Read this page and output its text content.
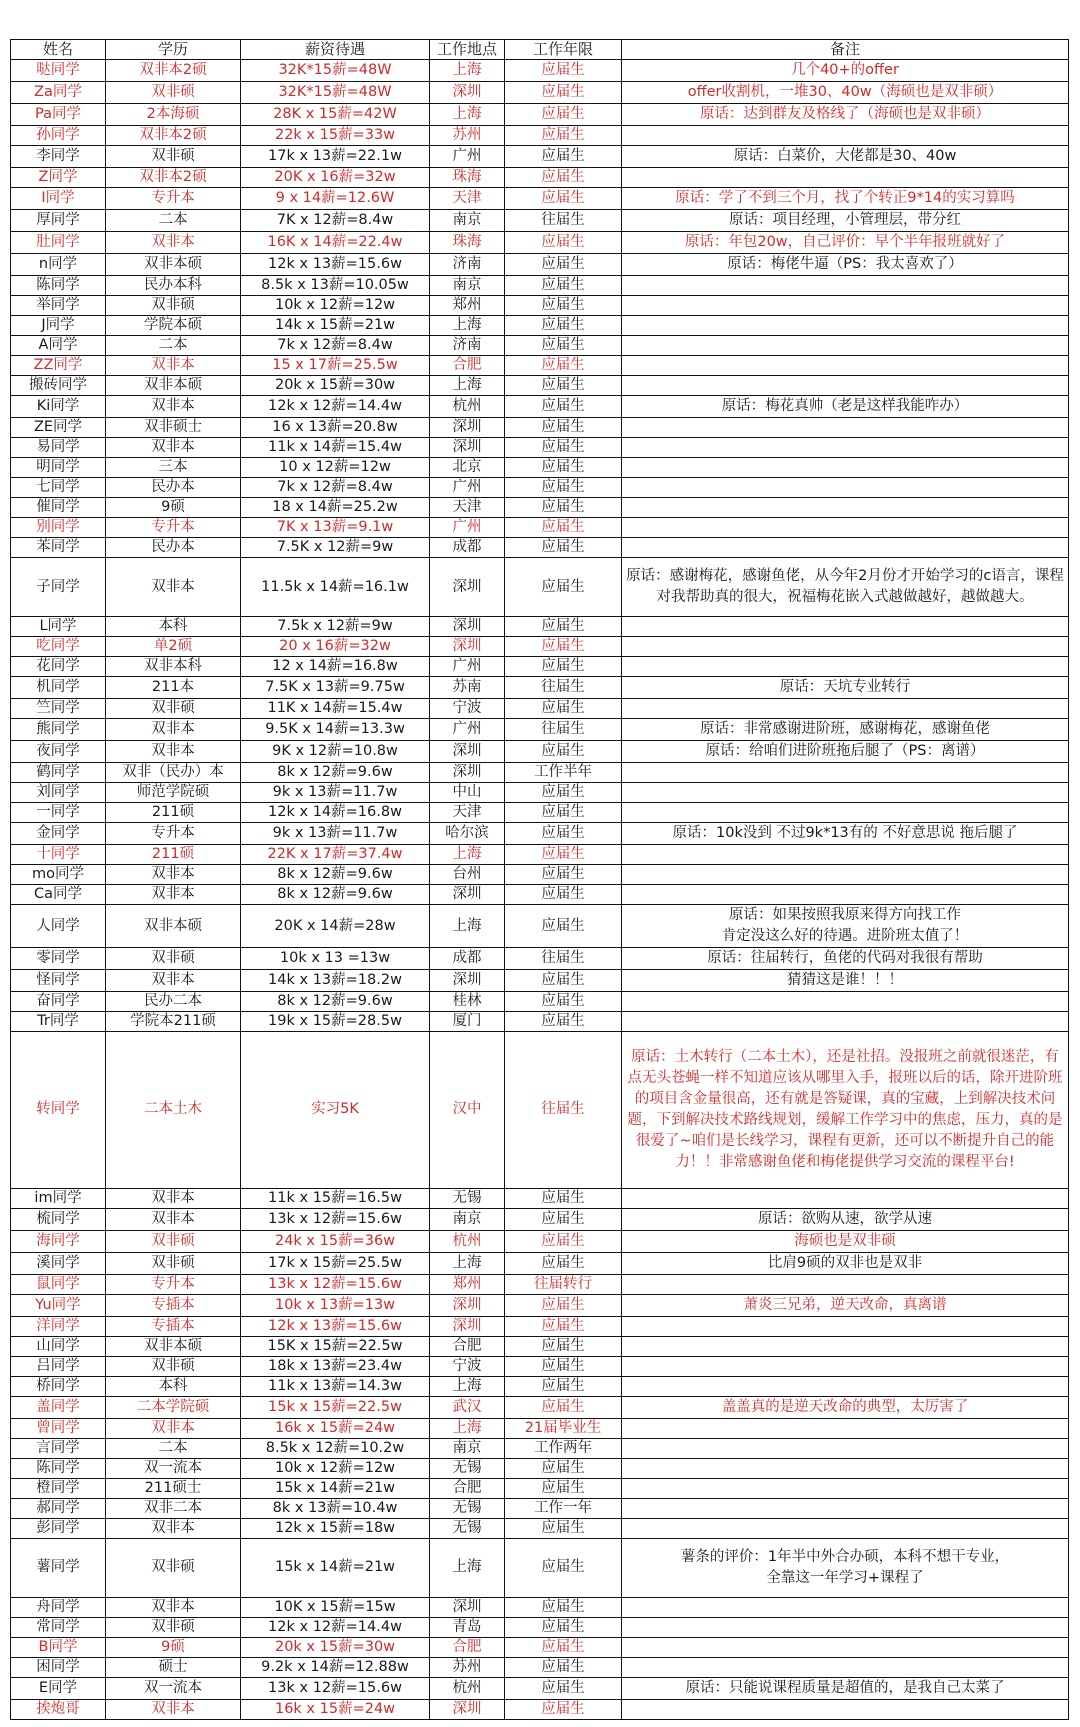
姓名	学历	薪资待遇	工作地点	工作年限	备注
哒同学	双非本2硕	32K*15薪=48W	上海	应届生	几个40+的offer
Za同学	双非硕	32K*15薪=48W	深圳	应届生	offer收割机，一堆30、40w（海硕也是双非硕）
Pa同学	2本海硕	28K x 15薪=42W	上海	应届生	原话：达到群友及格线了（海硕也是双非硕）
孙同学	双非本2硕	22k x 15薪=33w	苏州	应届生	
李同学	双非硕	17k x 13薪=22.1w	广州	应届生	原话：白菜价，大佬都是30、40w
Z同学	双非本2硕	20K x 16薪=32w	珠海	应届生	
I同学	专升本	9 x 14薪=12.6W	天津	应届生	原话：学了不到三个月，找了个转正9*14的实习算吗
厚同学	二本	7K x 12薪=8.4w	南京	往届生	原话：项目经理，小管理层，带分红
肚同学	双非本	16K x 14薪=22.4w	珠海	应届生	原话：年包20w，自己评价：早个半年报班就好了
n同学	双非本硕	12k x 13薪=15.6w	济南	应届生	原话：梅佬牛逼（PS：我太喜欢了）
陈同学	民办本科	8.5k x 13薪=10.05w	南京	应届生	
举同学	双非硕	10k x 12薪=12w	郑州	应届生	
J同学	学院本硕	14k x 15薪=21w	上海	应届生	
A同学	二本	7k x 12薪=8.4w	济南	应届生	
ZZ同学	双非本	15 x 17薪=25.5w	合肥	应届生	
搬砖同学	双非本硕	20k x 15薪=30w	上海	应届生	
Ki同学	双非本	12k x 12薪=14.4w	杭州	应届生	原话：梅花真帅（老是这样我能咋办）
ZE同学	双非硕士	16 x 13薪=20.8w	深圳	应届生	
易同学	双非本	11k x 14薪=15.4w	深圳	应届生	
明同学	三本	10 x 12薪=12w	北京	应届生	
七同学	民办本	7k x 12薪=8.4w	广州	应届生	
催同学	9硕	18 x 14薪=25.2w	天津	应届生	
别同学	专升本	7K x 13薪=9.1w	广州	应届生	
苯同学	民办本	7.5K x 12薪=9w	成都	应届生	
子同学	双非本	11.5k x 14薪=16.1w	深圳	应届生	原话：感谢梅花，感谢鱼佬，从今年2月份才开始学习的c语言，课程对我帮助真的很大，祝福梅花嵌入式越做越好，越做越大。
L同学	本科	7.5k x 12薪=9w	深圳	应届生	
吃同学	单2硕	20 x 16薪=32w	深圳	应届生	
花同学	双非本科	12 x 14薪=16.8w	广州	应届生	
机同学	211本	7.5K x 13薪=9.75w	苏南	往届生	原话：天坑专业转行
竺同学	双非硕	11K x 14薪=15.4w	宁波	应届生	
熊同学	双非本	9.5K x 14薪=13.3w	广州	往届生	原话：非常感谢进阶班，感谢梅花，感谢鱼佬
夜同学	双非本	9K x 12薪=10.8w	深圳	应届生	原话：给咱们进阶班拖后腿了（PS：离谱）
鹤同学	双非（民办）本	8k x 12薪=9.6w	深圳	工作半年	
刘同学	师范学院硕	9k x 13薪=11.7w	中山	应届生	
一同学	211硕	12k x 14薪=16.8w	天津	应届生	
金同学	专升本	9k x 13薪=11.7w	哈尔滨	应届生	原话：10k没到 不过9k*13有的 不好意思说 拖后腿了
十同学	211硕	22K x 17薪=37.4w	上海	应届生	
mo同学	双非本	8k x 12薪=9.6w	台州	应届生	
Ca同学	双非本	8k x 12薪=9.6w	深圳	应届生	
人同学	双非本硕	20K x 14薪=28w	上海	应届生	原话：如果按照我原来得方向找工作
肯定没这么好的待遇。进阶班太值了！
零同学	双非硕	10k x 13 =13w	成都	往届生	原话：往届转行，鱼佬的代码对我很有帮助
怪同学	双非本	14k x 13薪=18.2w	深圳	应届生	猜猜这是谁！！！
奋同学	民办二本	8k x 12薪=9.6w	桂林	应届生	
Tr同学	学院本211硕	19k x 15薪=28.5w	厦门	应届生	
转同学	二本土木	实习5K	汉中	往届生	原话：土木转行（二本土木），还是社招。没报班之前就很迷茫，有点无头苍蝇一样不知道应该从哪里入手，报班以后的话，除开进阶班的项目含金量很高，还有就是答疑课，真的宝藏，上到解决技术问题，下到解决技术路线规划，缓解工作学习中的焦虑，压力，真的是很爱了~咱们是长线学习，课程有更新，还可以不断提升自己的能力！！非常感谢鱼佬和梅佬提供学习交流的课程平台!
im同学	双非本	11k x 15薪=16.5w	无锡	应届生	
梳同学	双非本	13k x 12薪=15.6w	南京	应届生	原话：欲购从速，欲学从速
海同学	双非硕	24k x 15薪=36w	杭州	应届生	海硕也是双非硕
溪同学	双非硕	17k x 15薪=25.5w	上海	应届生	比肩9硕的双非也是双非
鼠同学	专升本	13k x 12薪=15.6w	郑州	往届转行	
Yu同学	专插本	10k x 13薪=13w	深圳	应届生	萧炎三兄弟，逆天改命，真离谱
洋同学	专插本	12k x 13薪=15.6w	深圳	应届生	
山同学	双非本硕	15K x 15薪=22.5w	合肥	应届生	
吕同学	双非硕	18k x 13薪=23.4w	宁波	应届生	
桥同学	本科	11k x 13薪=14.3w	上海	应届生	
盖同学	二本学院硕	15k x 15薪=22.5w	武汉	应届生	盖盖真的是逆天改命的典型，太厉害了
曾同学	双非本	16k x 15薪=24w	上海	21届毕业生	
言同学	二本	8.5k x 12薪=10.2w	南京	工作两年	
陈同学	双一流本	10k x 12薪=12w	无锡	应届生	
橙同学	211硕士	15k x 14薪=21w	合肥	应届生	
郝同学	双非二本	8k x 13薪=10.4w	无锡	工作一年	
彭同学	双非本	12k x 15薪=18w	无锡	应届生	
薯同学	双非硕	15k x 14薪=21w	上海	应届生	薯条的评价：1年半中外合办硕，本科不想干专业，
全靠这一年学习+课程了
舟同学	双非本	10K x 15薪=15w	深圳	应届生	
常同学	双非硕	12k x 12薪=14.4w	青岛	应届生	
B同学	9硕	20k x 15薪=30w	合肥	应届生	
困同学	硕士	9.2k x 14薪=12.88w	苏州	应届生	
E同学	双一流本	13k x 12薪=15.6w	杭州	应届生	原话：只能说课程质量是超值的，是我自己太菜了
挨炮哥	双非本	16k x 15薪=24w	深圳	应届生	
